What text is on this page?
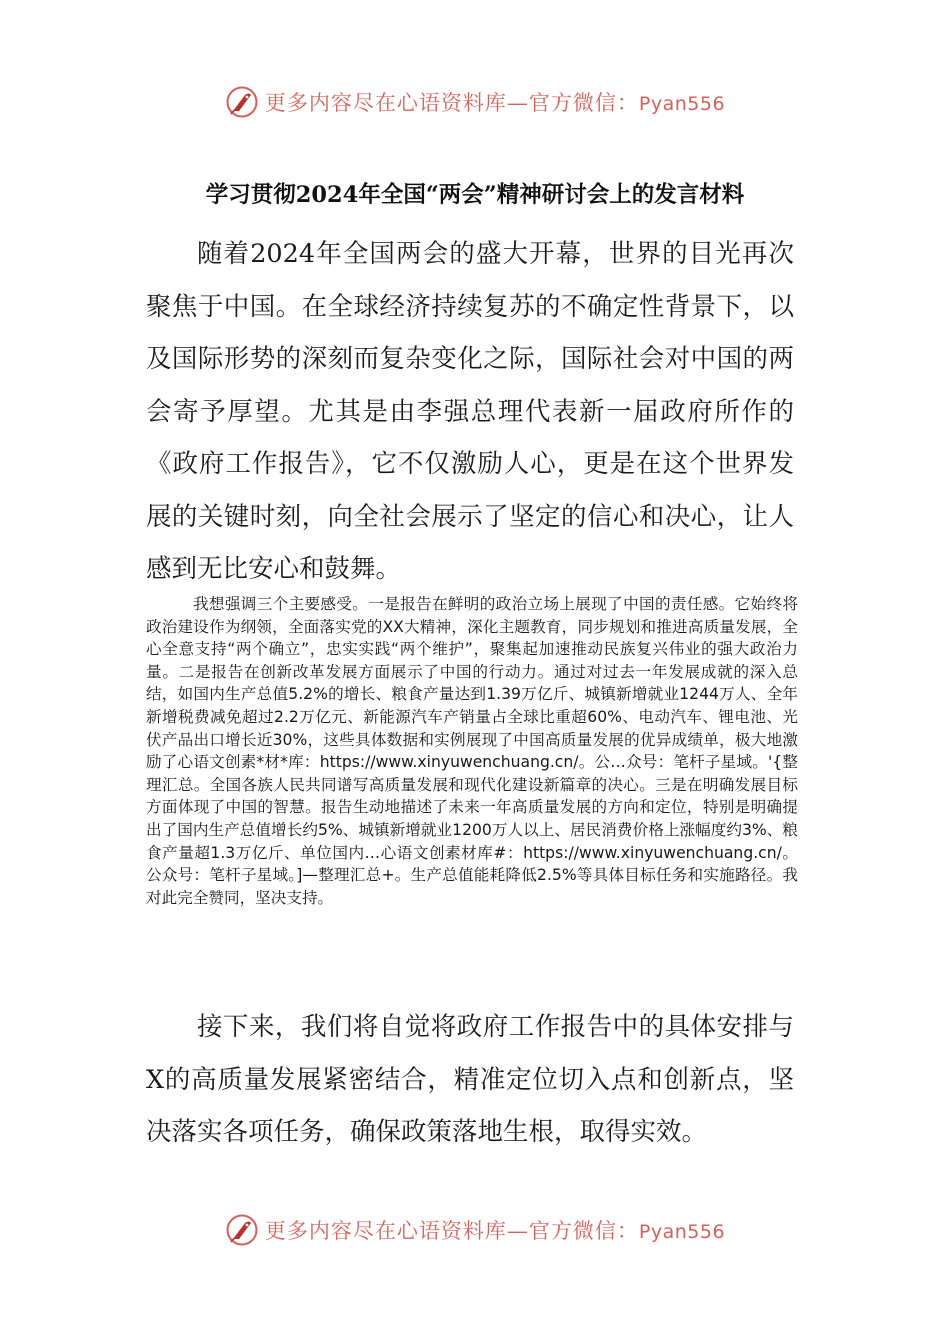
更多内容尽在心语资料库—官方微信：Pyan556
学习贯彻2024年全国“两会”精神研讨会上的发言材料

随着2024年全国两会的盛大开幕，世界的目光再次聚焦于中国。在全球经济持续复苏的不确定性背景下，以及国际形势的深刻而复杂变化之际，国际社会对中国的两会寄予厚望。尤其是由李强总理代表新一届政府所作的《政府工作报告》，它不仅激励人心，更是在这个世界发展的关键时刻，向全社会展示了坚定的信心和决心，让人感到无比安心和鼓舞。

我想强调三个主要感受。一是报告在鲜明的政治立场上展现了中国的责任感。它始终将政治建设作为纲领，全面落实党的XX大精神，深化主题教育，同步规划和推进高质量发展，全心全意支持“两个确立”，忠实实践“两个维护”，聚集起加速推动民族复兴伟业的强大政治力量。二是报告在创新改革发展方面展示了中国的行动力。通过对过去一年发展成就的深入总结，如国内生产总值5.2%的增长、粮食产量达到1.39万亿斤、城镇新增就业1244万人、全年新增税费减免超过2.2万亿元、新能源汽车产销量占全球比重超60%、电动汽车、锂电池、光伏产品出口增长近30%，这些具体数据和实例展现了中国高质量发展的优异成绩单，极大地激励了心语文创素*材*库：https://www.xinyuwenchuang.cn/。公…众号：笔杆子星域。'{整理汇总。全国各族人民共同谱写高质量发展和现代化建设新篇章的决心。三是在明确发展目标方面体现了中国的智慧。报告生动地描述了未来一年高质量发展的方向和定位，特别是明确提出了国内生产总值增长约5%、城镇新增就业1200万人以上、居民消费价格上涨幅度约3%、粮食产量超1.3万亿斤、单位国内…心语文创素材库#：https://www.xinyuwenchuang.cn/。公众号：笔杆子星域。]—整理汇总+。生产总值能耗降低2.5%等具体目标任务和实施路径。我对此完全赞同，坚决支持。

接下来，我们将自觉将政府工作报告中的具体安排与X的高质量发展紧密结合，精准定位切入点和创新点，坚决落实各项任务，确保政策落地生根，取得实效。

更多内容尽在心语资料库—官方微信：Pyan556
